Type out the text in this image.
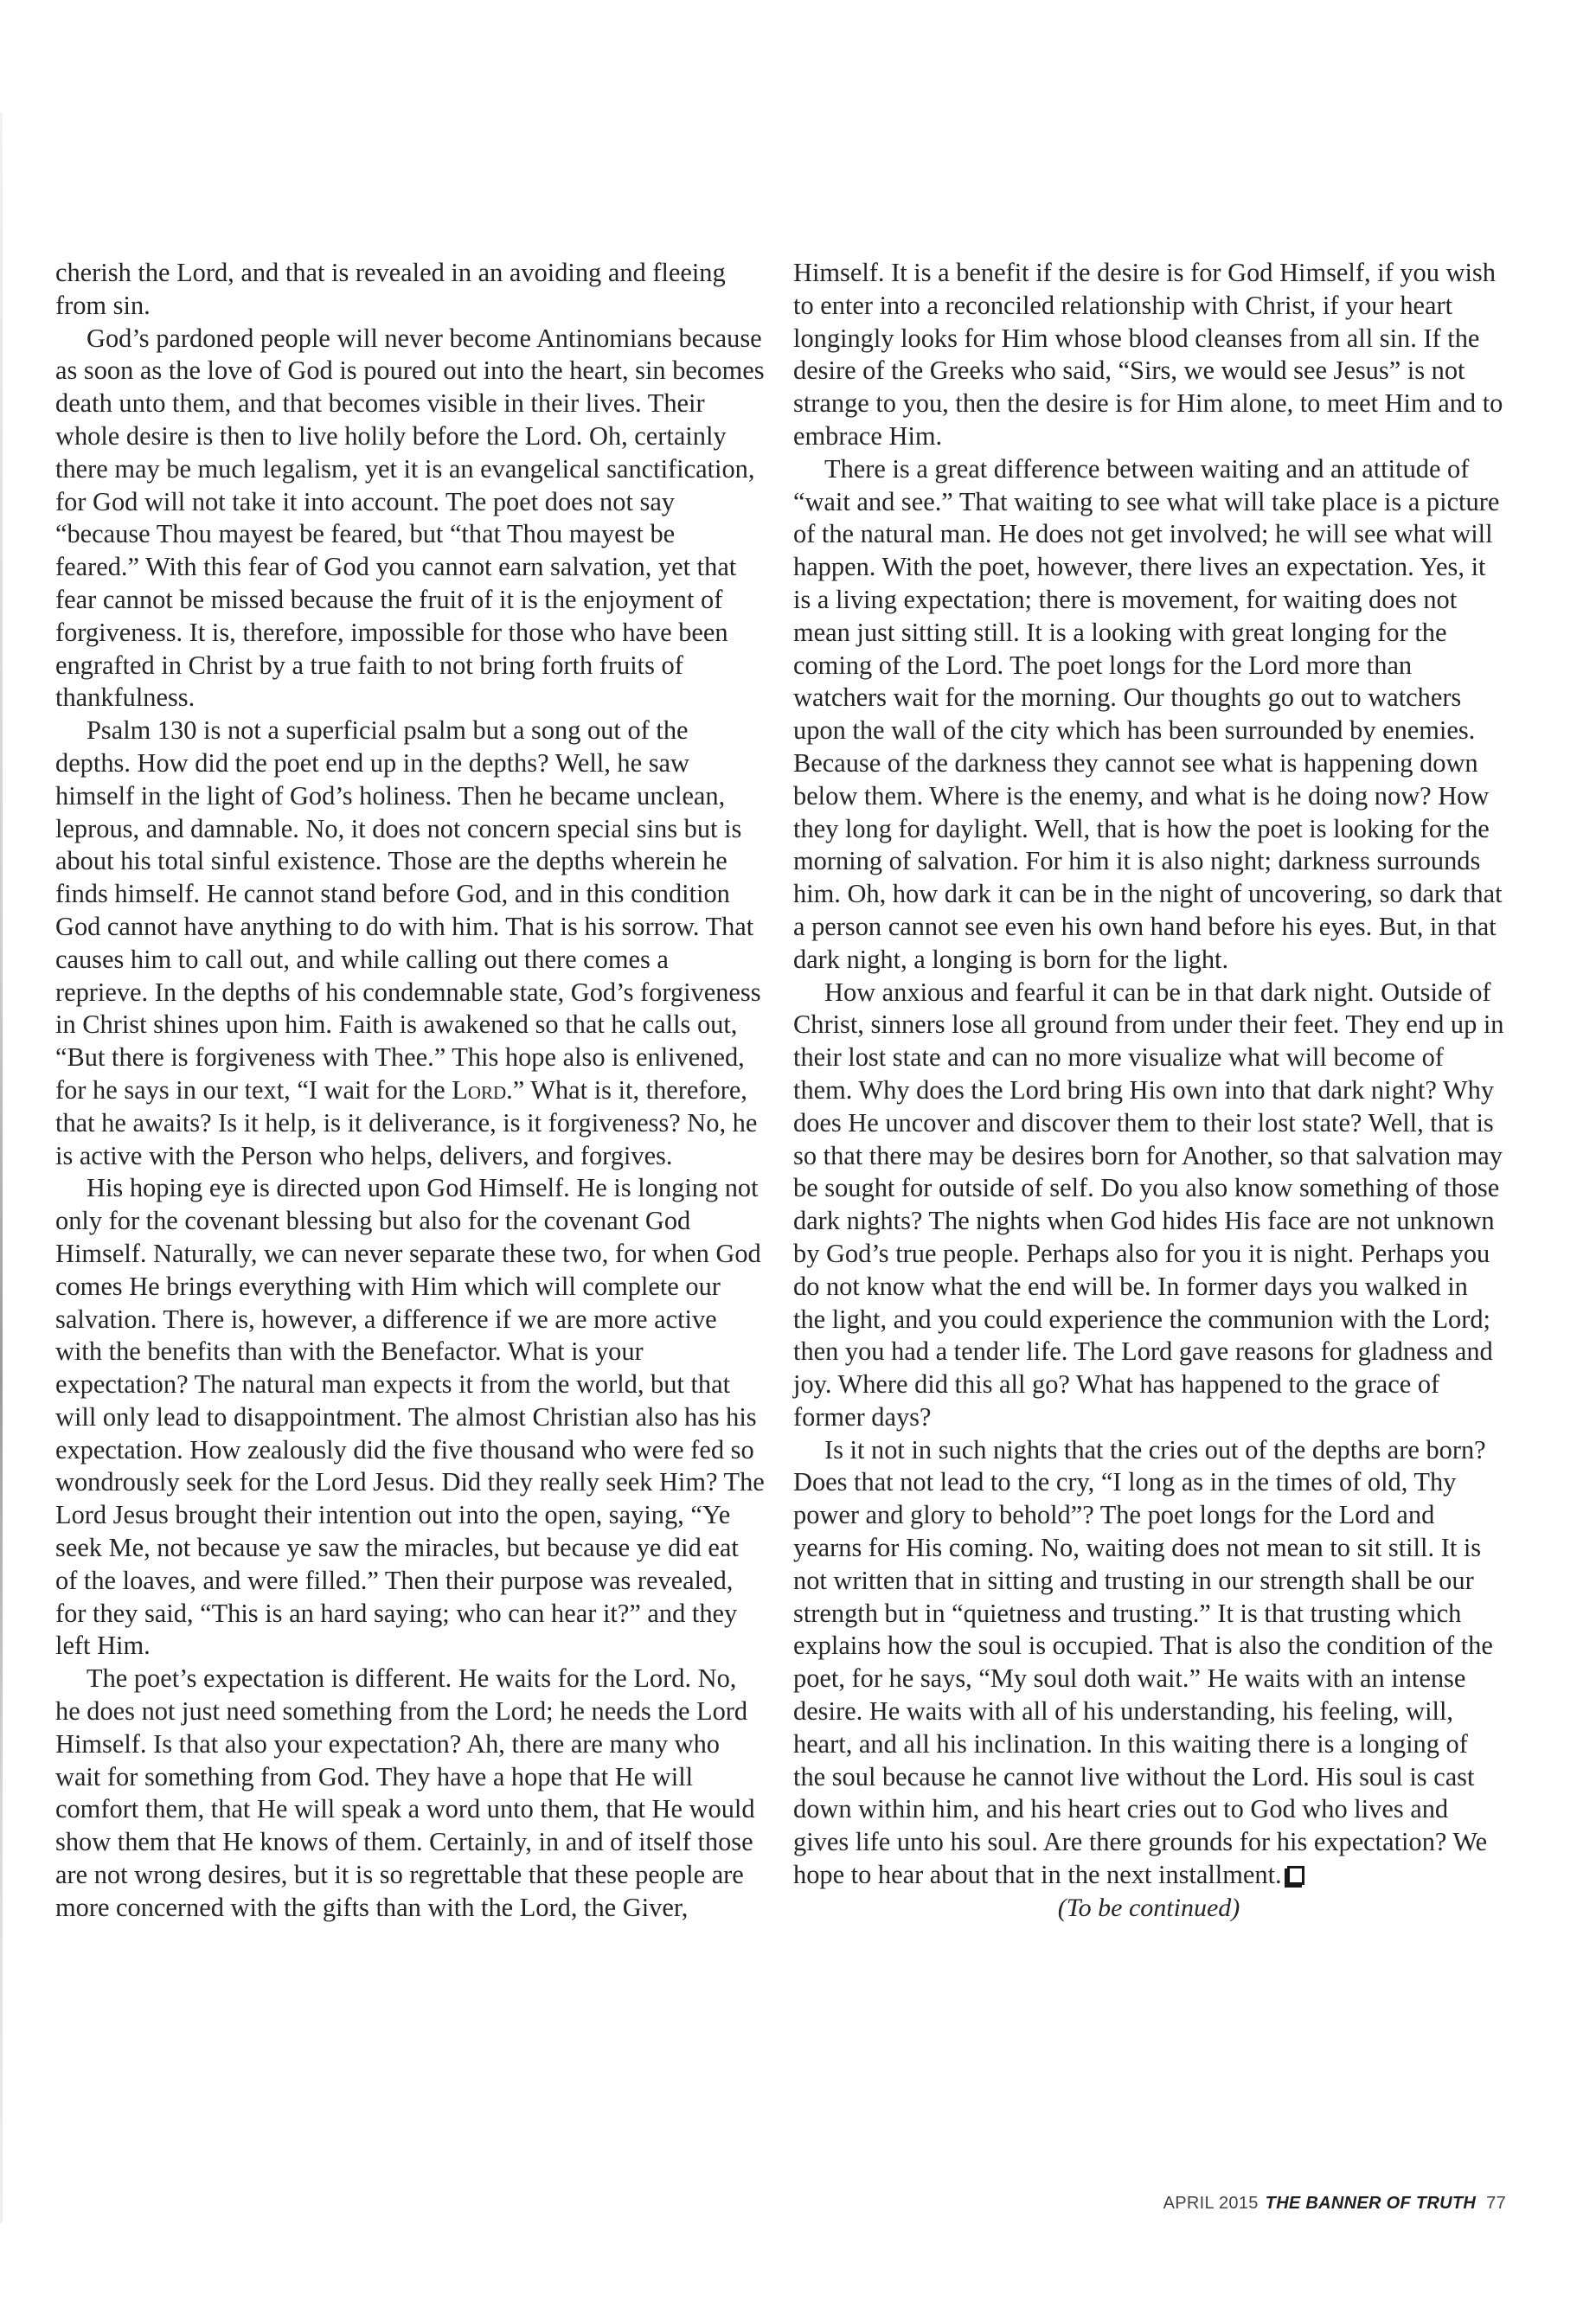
cherish the Lord, and that is revealed in an avoiding and fleeing from sin.

God’s pardoned people will never become Antinomians because as soon as the love of God is poured out into the heart, sin becomes death unto them, and that becomes visible in their lives. Their whole desire is then to live holily before the Lord. Oh, certainly there may be much legalism, yet it is an evangelical sanctification, for God will not take it into account. The poet does not say “because Thou mayest be feared, but “that Thou mayest be feared.” With this fear of God you cannot earn salvation, yet that fear cannot be missed because the fruit of it is the enjoyment of forgiveness. It is, therefore, impossible for those who have been engrafted in Christ by a true faith to not bring forth fruits of thankfulness.

Psalm 130 is not a superficial psalm but a song out of the depths. How did the poet end up in the depths? Well, he saw himself in the light of God’s holiness. Then he became unclean, leprous, and damnable. No, it does not concern special sins but is about his total sinful existence. Those are the depths wherein he finds himself. He cannot stand before God, and in this condition God cannot have anything to do with him. That is his sorrow. That causes him to call out, and while calling out there comes a reprieve. In the depths of his condemnable state, God’s forgiveness in Christ shines upon him. Faith is awakened so that he calls out, “But there is forgiveness with Thee.” This hope also is enlivened, for he says in our text, “I wait for the Lord.” What is it, therefore, that he awaits? Is it help, is it deliverance, is it forgiveness? No, he is active with the Person who helps, delivers, and forgives.

His hoping eye is directed upon God Himself. He is longing not only for the covenant blessing but also for the covenant God Himself. Naturally, we can never separate these two, for when God comes He brings everything with Him which will complete our salvation. There is, however, a difference if we are more active with the benefits than with the Benefactor. What is your expectation? The natural man expects it from the world, but that will only lead to disappointment. The almost Christian also has his expectation. How zealously did the five thousand who were fed so wondrously seek for the Lord Jesus. Did they really seek Him? The Lord Jesus brought their intention out into the open, saying, “Ye seek Me, not because ye saw the miracles, but because ye did eat of the loaves, and were filled.” Then their purpose was revealed, for they said, “This is an hard saying; who can hear it?” and they left Him.

The poet’s expectation is different. He waits for the Lord. No, he does not just need something from the Lord; he needs the Lord Himself. Is that also your expectation? Ah, there are many who wait for something from God. They have a hope that He will comfort them, that He will speak a word unto them, that He would show them that He knows of them. Certainly, in and of itself those are not wrong desires, but it is so regrettable that these people are more concerned with the gifts than with the Lord, the Giver,

Himself. It is a benefit if the desire is for God Himself, if you wish to enter into a reconciled relationship with Christ, if your heart longingly looks for Him whose blood cleanses from all sin. If the desire of the Greeks who said, “Sirs, we would see Jesus” is not strange to you, then the desire is for Him alone, to meet Him and to embrace Him.

There is a great difference between waiting and an attitude of “wait and see.” That waiting to see what will take place is a picture of the natural man. He does not get involved; he will see what will happen. With the poet, however, there lives an expectation. Yes, it is a living expectation; there is movement, for waiting does not mean just sitting still. It is a looking with great longing for the coming of the Lord. The poet longs for the Lord more than watchers wait for the morning. Our thoughts go out to watchers upon the wall of the city which has been surrounded by enemies. Because of the darkness they cannot see what is happening down below them. Where is the enemy, and what is he doing now? How they long for daylight. Well, that is how the poet is looking for the morning of salvation. For him it is also night; darkness surrounds him. Oh, how dark it can be in the night of uncovering, so dark that a person cannot see even his own hand before his eyes. But, in that dark night, a longing is born for the light.

How anxious and fearful it can be in that dark night. Outside of Christ, sinners lose all ground from under their feet. They end up in their lost state and can no more visualize what will become of them. Why does the Lord bring His own into that dark night? Why does He uncover and discover them to their lost state? Well, that is so that there may be desires born for Another, so that salvation may be sought for outside of self. Do you also know something of those dark nights? The nights when God hides His face are not unknown by God’s true people. Perhaps also for you it is night. Perhaps you do not know what the end will be. In former days you walked in the light, and you could experience the communion with the Lord; then you had a tender life. The Lord gave reasons for gladness and joy. Where did this all go? What has happened to the grace of former days?

Is it not in such nights that the cries out of the depths are born? Does that not lead to the cry, “I long as in the times of old, Thy power and glory to behold”? The poet longs for the Lord and yearns for His coming. No, waiting does not mean to sit still. It is not written that in sitting and trusting in our strength shall be our strength but in “quietness and trusting.” It is that trusting which explains how the soul is occupied. That is also the condition of the poet, for he says, “My soul doth wait.” He waits with an intense desire. He waits with all of his understanding, his feeling, will, heart, and all his inclination. In this waiting there is a longing of the soul because he cannot live without the Lord. His soul is cast down within him, and his heart cries out to God who lives and gives life unto his soul. Are there grounds for his expectation? We hope to hear about that in the next installment.

(To be continued)

APRIL 2015 THE BANNER OF TRUTH 77
